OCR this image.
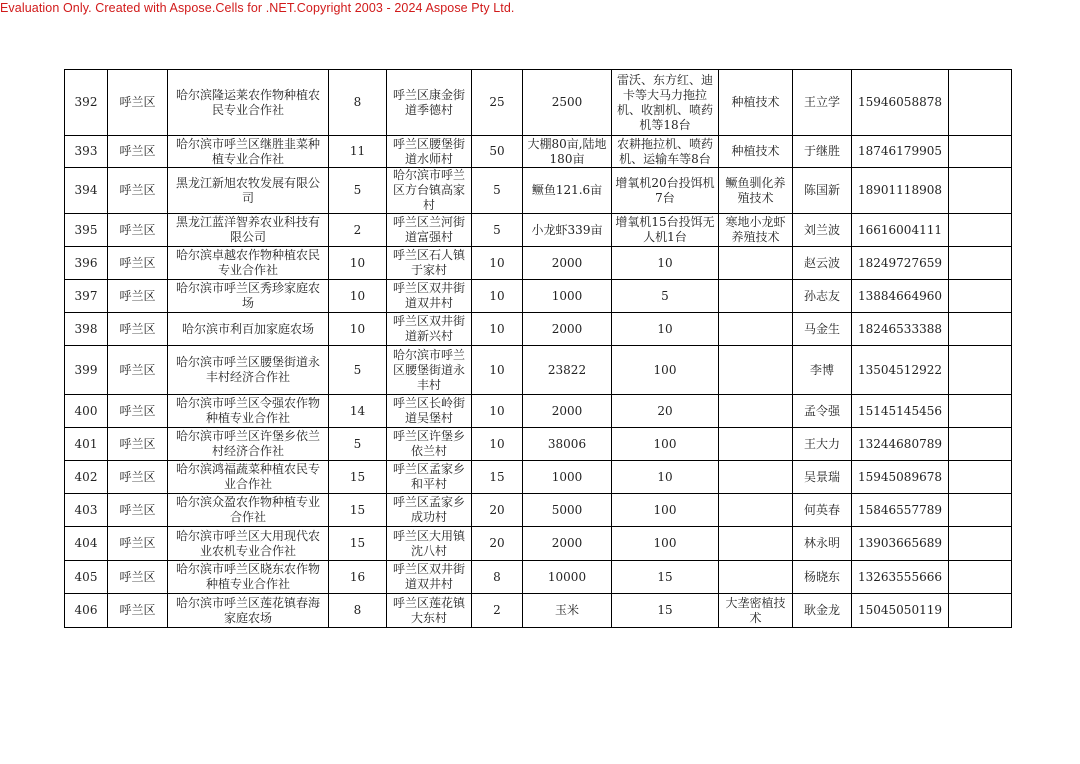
Evaluation Only. Created with Aspose.Cells for .NET.Copyright 2003 - 2024 Aspose Pty Ltd.
392	呼兰区	哈尔滨隆运莱农作物种植农民专业合作社	8	呼兰区康金街道季德村	25	2500	雷沃、东方红、迪卡等大马力拖拉机、收割机、喷药机等18台	种植技术	王立学	15946058878	
393	呼兰区	哈尔滨市呼兰区继胜韭菜种植专业合作社	11	呼兰区腰堡街道水师村	50	大棚80亩,陆地180亩	农耕拖拉机、喷药机、运输车等8台	种植技术	于继胜	18746179905	
394	呼兰区	黑龙江新旭农牧发展有限公司	5	哈尔滨市呼兰区方台镇高家村	5	鳜鱼121.6亩	增氧机20台投饵机7台	鳜鱼驯化养殖技术	陈国新	18901118908	
395	呼兰区	黑龙江蓝洋智养农业科技有限公司	2	呼兰区兰河街道富强村	5	小龙虾339亩	增氧机15台投饵无人机1台	寒地小龙虾养殖技术	刘兰波	16616004111	
396	呼兰区	哈尔滨卓越农作物种植农民专业合作社	10	呼兰区石人镇于家村	10	2000	10		赵云波	18249727659	
397	呼兰区	哈尔滨市呼兰区秀珍家庭农场	10	呼兰区双井街道双井村	10	1000	5		孙志友	13884664960	
398	呼兰区	哈尔滨市利百加家庭农场	10	呼兰区双井街道新兴村	10	2000	10		马金生	18246533388	
399	呼兰区	哈尔滨市呼兰区腰堡街道永丰村经济合作社	5	哈尔滨市呼兰区腰堡街道永丰村	10	23822	100		李博	13504512922	
400	呼兰区	哈尔滨市呼兰区令强农作物种植专业合作社	14	呼兰区长岭街道吴堡村	10	2000	20		孟令强	15145145456	
401	呼兰区	哈尔滨市呼兰区许堡乡依兰村经济合作社	5	呼兰区许堡乡依兰村	10	38006	100		王大力	13244680789	
402	呼兰区	哈尔滨鸿福蔬菜种植农民专业合作社	15	呼兰区孟家乡和平村	15	1000	10		吴景瑞	15945089678	
403	呼兰区	哈尔滨众盈农作物种植专业合作社	15	呼兰区孟家乡成功村	20	5000	100		何英春	15846557789	
404	呼兰区	哈尔滨市呼兰区大用现代农业农机专业合作社	15	呼兰区大用镇沈八村	20	2000	100		林永明	13903665689	
405	呼兰区	哈尔滨市呼兰区晓东农作物种植专业合作社	16	呼兰区双井街道双井村	8	10000	15		杨晓东	13263555666	
406	呼兰区	哈尔滨市呼兰区莲花镇春海家庭农场	8	呼兰区莲花镇大东村	2	玉米	15	大垄密植技术	耿金龙	15045050119	
